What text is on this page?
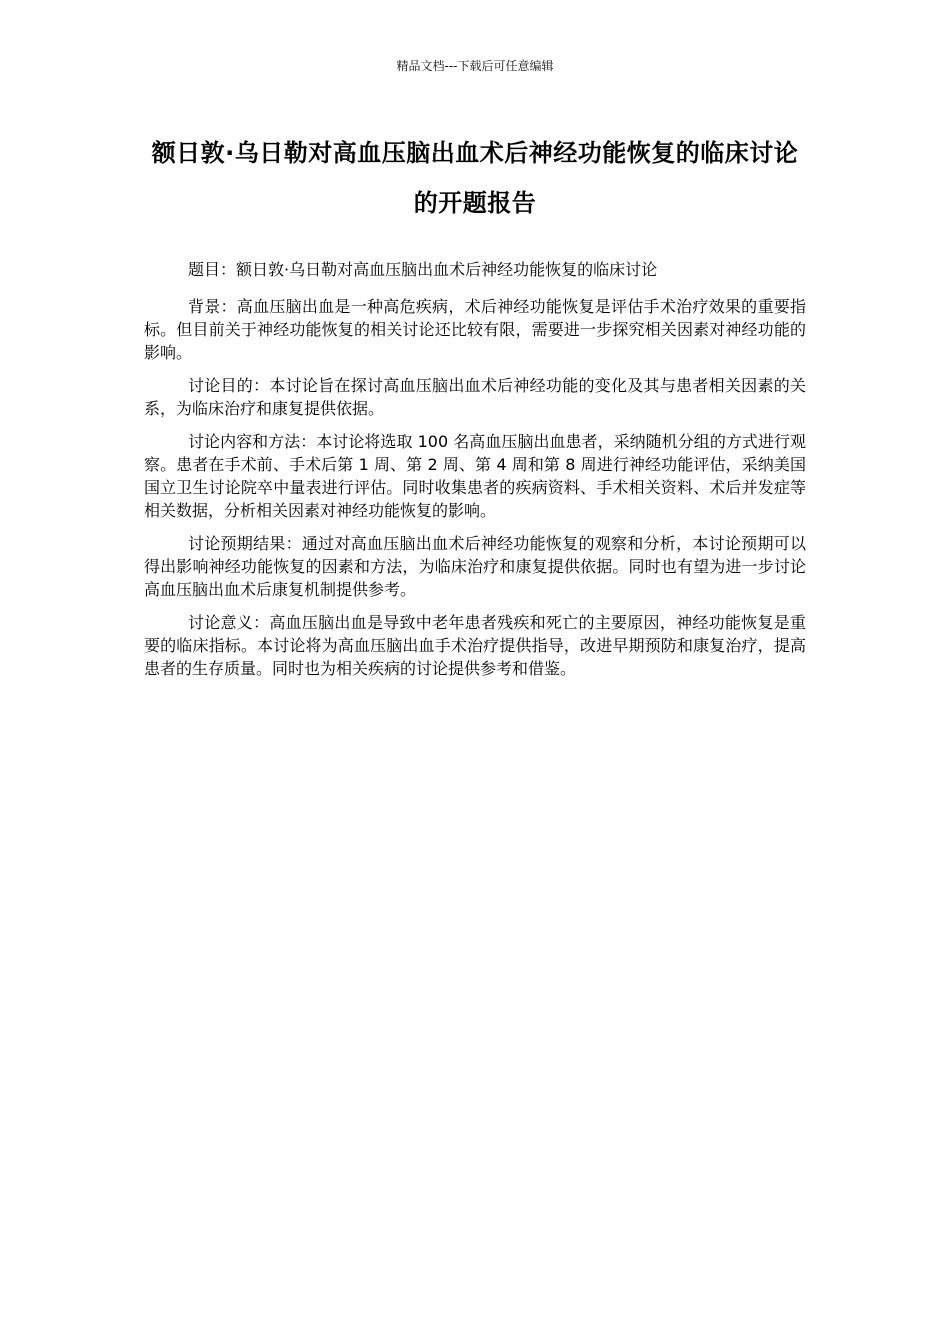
精品文档---下载后可任意编辑
额日敦·乌日勒对高血压脑出血术后神经功能恢复的临床讨论的开题报告

题目：额日敦·乌日勒对高血压脑出血术后神经功能恢复的临床讨论

背景：高血压脑出血是一种高危疾病，术后神经功能恢复是评估手术治疗效果的重要指标。但目前关于神经功能恢复的相关讨论还比较有限，需要进一步探究相关因素对神经功能的影响。

讨论目的：本讨论旨在探讨高血压脑出血术后神经功能的变化及其与患者相关因素的关系，为临床治疗和康复提供依据。

讨论内容和方法：本讨论将选取 100 名高血压脑出血患者，采纳随机分组的方式进行观察。患者在手术前、手术后第 1 周、第 2 周、第 4 周和第 8 周进行神经功能评估，采纳美国国立卫生讨论院卒中量表进行评估。同时收集患者的疾病资料、手术相关资料、术后并发症等相关数据，分析相关因素对神经功能恢复的影响。

讨论预期结果：通过对高血压脑出血术后神经功能恢复的观察和分析，本讨论预期可以得出影响神经功能恢复的因素和方法，为临床治疗和康复提供依据。同时也有望为进一步讨论高血压脑出血术后康复机制提供参考。

讨论意义：高血压脑出血是导致中老年患者残疾和死亡的主要原因，神经功能恢复是重要的临床指标。本讨论将为高血压脑出血手术治疗提供指导，改进早期预防和康复治疗，提高患者的生存质量。同时也为相关疾病的讨论提供参考和借鉴。
